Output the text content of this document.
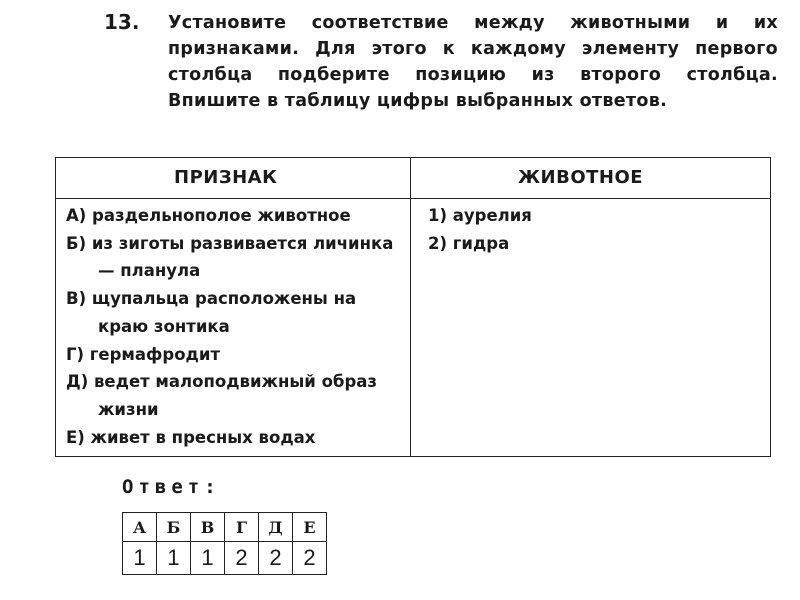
13. Установите соответствие между животными и их признаками. Для этого к каждому элементу первого столбца подберите позицию из второго столбца. Впишите в таблицу цифры выбранных ответов.
ПРИЗНАК	ЖИВОТНОЕ
А) раздельнополое животное
Б) из зиготы развивается личинка — планула
В) щупальца расположены на краю зонтика
Г) гермафродит
Д) ведет малоподвижный образ жизни
Е) живет в пресных водах
1) аурелия
2) гидра
Ответ:
А	Б	В	Г	Д	Е
1	1	1	2	2	2
